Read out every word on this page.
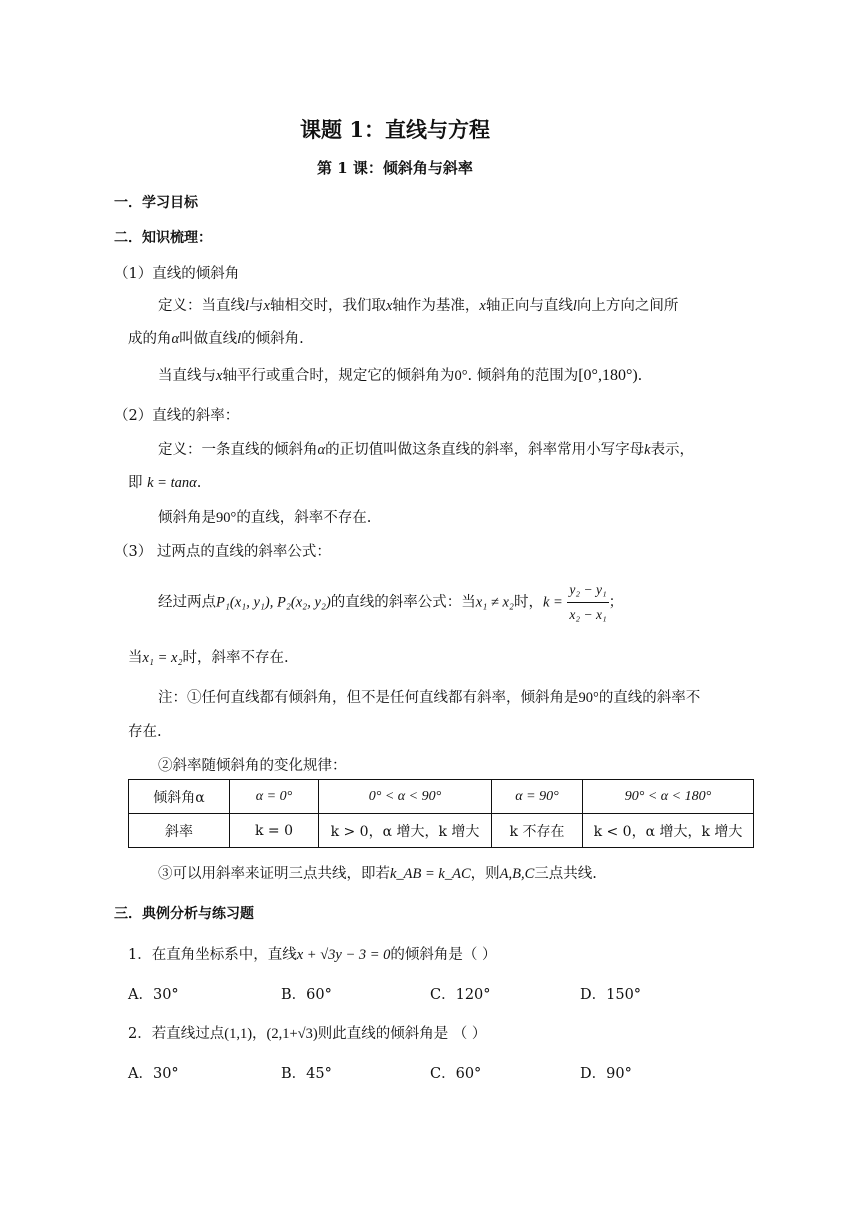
课题 1：直线与方程
第 1 课：倾斜角与斜率
一．学习目标
二．知识梳理：
（1）直线的倾斜角
定义：当直线l与x轴相交时，我们取x轴作为基准，x轴正向与直线l向上方向之间所
成的角α叫做直线l的倾斜角.
当直线与x轴平行或重合时，规定它的倾斜角为0°. 倾斜角的范围为[0°,180°).
（2）直线的斜率：
定义：一条直线的倾斜角α的正切值叫做这条直线的斜率，斜率常用小写字母k表示，
即 k = tanα.
倾斜角是90°的直线，斜率不存在.
（3） 过两点的直线的斜率公式：
经过两点P₁(x₁, y₁), P₂(x₂, y₂)的直线的斜率公式：当x₁ ≠ x₂时，$k = \frac{\text{y₂ − y₁}}{\text{x₂ − x₁}}$ ；
当x₁ = x₂时，斜率不存在.
注：①任何直线都有倾斜角，但不是任何直线都有斜率，倾斜角是90°的直线的斜率不
存在.
②斜率随倾斜角的变化规律：
倾斜角α	α = 0°	0° < α < 90°	α = 90°	90° < α < 180°
斜率	k = 0	k > 0，α 增大，k 增大	k 不存在	k < 0，α 增大，k 增大
③可以用斜率来证明三点共线，即若k_AB = k_AC，则A,B,C三点共线.
三．典例分析与练习题
1．在直角坐标系中，直线x + √3y − 3 = 0的倾斜角是（ ）
A．30°	B．60°	C．120°	D．150°
2．若直线过点(1,1)，(2,1+√3)则此直线的倾斜角是 （ ）
A．30°	B．45°	C．60°	D．90°
